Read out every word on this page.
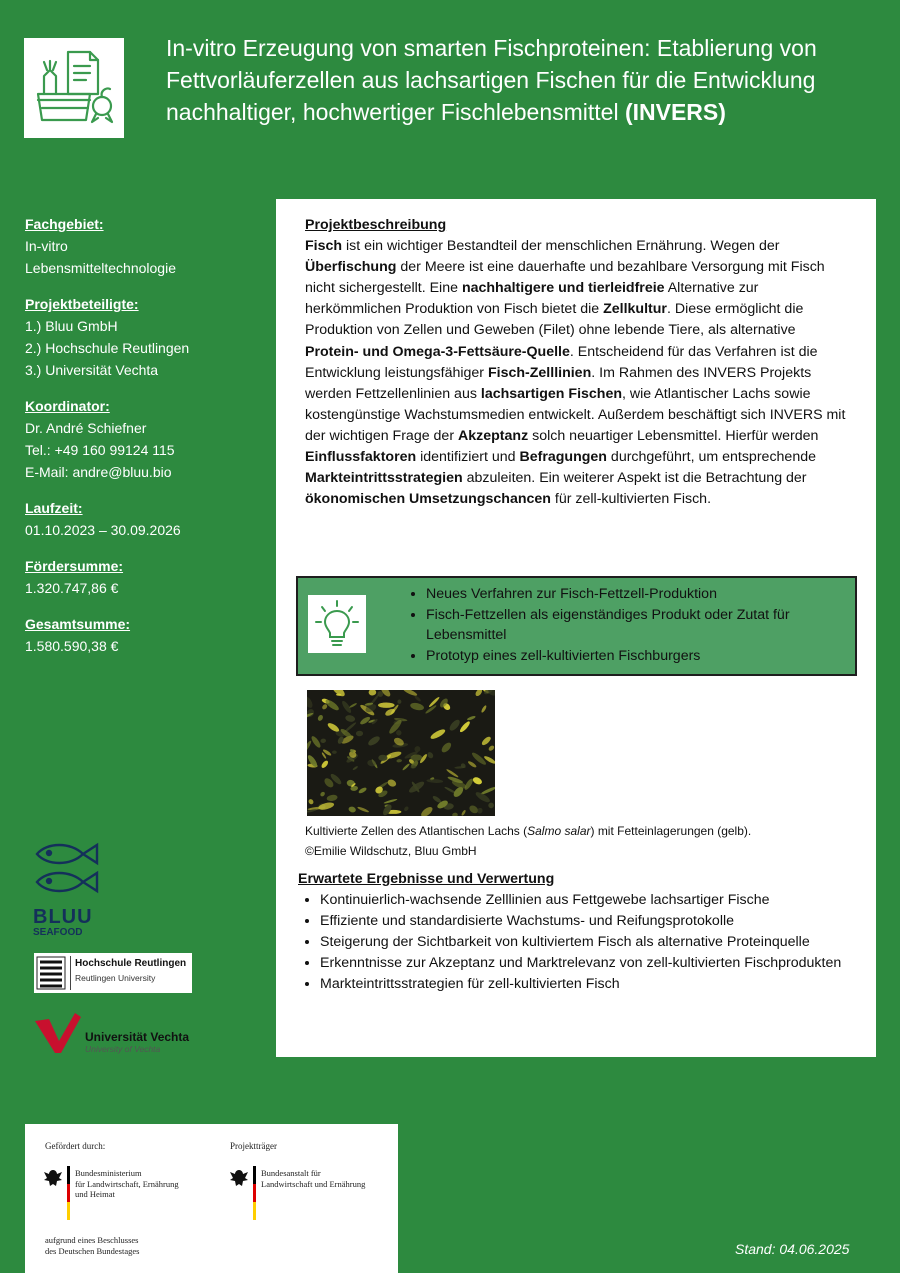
In-vitro Erzeugung von smarten Fischproteinen: Etablierung von Fettvorläuferzellen aus lachsartigen Fischen für die Entwicklung nachhaltiger, hochwertiger Fischlebensmittel (INVERS)
Fachgebiet:
In-vitro
Lebensmitteltechnologie
Projektbeteiligte:
1.) Bluu GmbH
2.) Hochschule Reutlingen
3.) Universität Vechta
Koordinator:
Dr. André Schiefner
Tel.: +49 160 99124 115
E-Mail: andre@bluu.bio
Laufzeit:
01.10.2023 – 30.09.2026
Fördersumme:
1.320.747,86 €
Gesamtsumme:
1.580.590,38 €
Projektbeschreibung
Fisch ist ein wichtiger Bestandteil der menschlichen Ernährung. Wegen der Überfischung der Meere ist eine dauerhafte und bezahlbare Versorgung mit Fisch nicht sichergestellt. Eine nachhaltigere und tierleidfreie Alternative zur herkömmlichen Produktion von Fisch bietet die Zellkultur. Diese ermöglicht die Produktion von Zellen und Geweben (Filet) ohne lebende Tiere, als alternative Protein- und Omega-3-Fettsäure-Quelle. Entscheidend für das Verfahren ist die Entwicklung leistungsfähiger Fisch-Zelllinien. Im Rahmen des INVERS Projekts werden Fettzellenlinien aus lachsartigen Fischen, wie Atlantischer Lachs sowie kostengünstige Wachstumsmedien entwickelt. Außerdem beschäftigt sich INVERS mit der wichtigen Frage der Akzeptanz solch neuartiger Lebensmittel. Hierfür werden Einflussfaktoren identifiziert und Befragungen durchgeführt, um entsprechende Markteintrittsstrategien abzuleiten. Ein weiterer Aspekt ist die Betrachtung der ökonomischen Umsetzungschancen für zell-kultivierten Fisch.
• Neues Verfahren zur Fisch-Fettzell-Produktion
• Fisch-Fettzellen als eigenständiges Produkt oder Zutat für Lebensmittel
• Prototyp eines zell-kultivierten Fischburgers
Kultivierte Zellen des Atlantischen Lachs (Salmo salar) mit Fetteinlagerungen (gelb).
©Emilie Wildschutz, Bluu GmbH
Erwartete Ergebnisse und Verwertung
• Kontinuierlich-wachsende Zelllinien aus Fettgewebe lachsartiger Fische
• Effiziente und standardisierte Wachstums- und Reifungsprotokolle
• Steigerung der Sichtbarkeit von kultiviertem Fisch als alternative Proteinquelle
• Erkenntnisse zur Akzeptanz und Marktrelevanz von zell-kultivierten Fischprodukten
• Markteintrittsstrategien für zell-kultivierten Fisch
BLUU
SEAFOOD
Hochschule Reutlingen
Reutlingen University
Universität Vechta
University of Vechta
Gefördert durch:
Bundesministerium
für Landwirtschaft, Ernährung
und Heimat
aufgrund eines Beschlusses
des Deutschen Bundestages
Projektträger
Bundesanstalt für
Landwirtschaft und Ernährung
Stand: 04.06.2025
